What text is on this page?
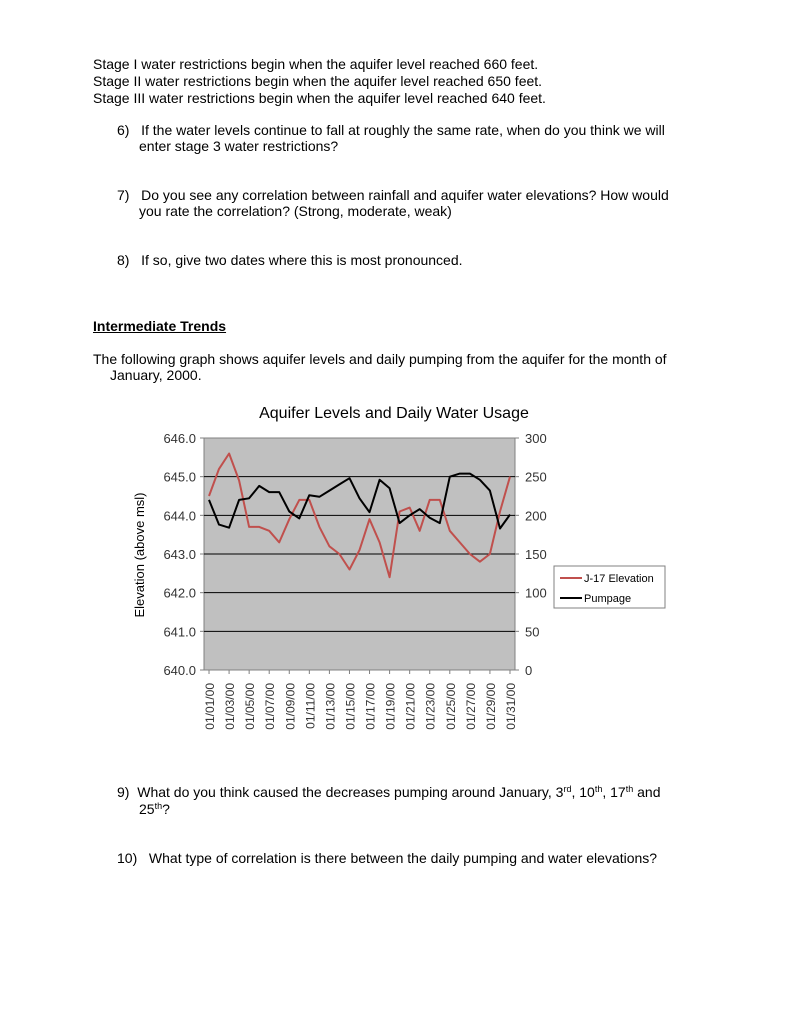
Stage I water restrictions begin when the aquifer level reached 660 feet.
Stage II water restrictions begin when the aquifer level reached 650 feet.
Stage III water restrictions begin when the aquifer level reached 640 feet.
6) If the water levels continue to fall at roughly the same rate, when do you think we will
enter stage 3 water restrictions?
7) Do you see any correlation between rainfall and aquifer water elevations? How would
you rate the correlation? (Strong, moderate, weak)
8) If so, give two dates where this is most pronounced.
Intermediate Trends
The following graph shows aquifer levels and daily pumping from the aquifer for the month of
January, 2000.
Aquifer Levels and Daily Water Usage
Elevation (above msl)
640.0
641.0
642.0
643.0
644.0
645.0
646.0
0
50
100
150
200
250
300
01/01/00 01/03/00 01/05/00 01/07/00 01/09/00 01/11/00 01/13/00 01/15/00 01/17/00 01/19/00 01/21/00 01/23/00 01/25/00 01/27/00 01/29/00 01/31/00
J-17 Elevation
Pumpage
9) What do you think caused the decreases pumping around January, 3rd, 10th, 17th and
25th?
10) What type of correlation is there between the daily pumping and water elevations?
